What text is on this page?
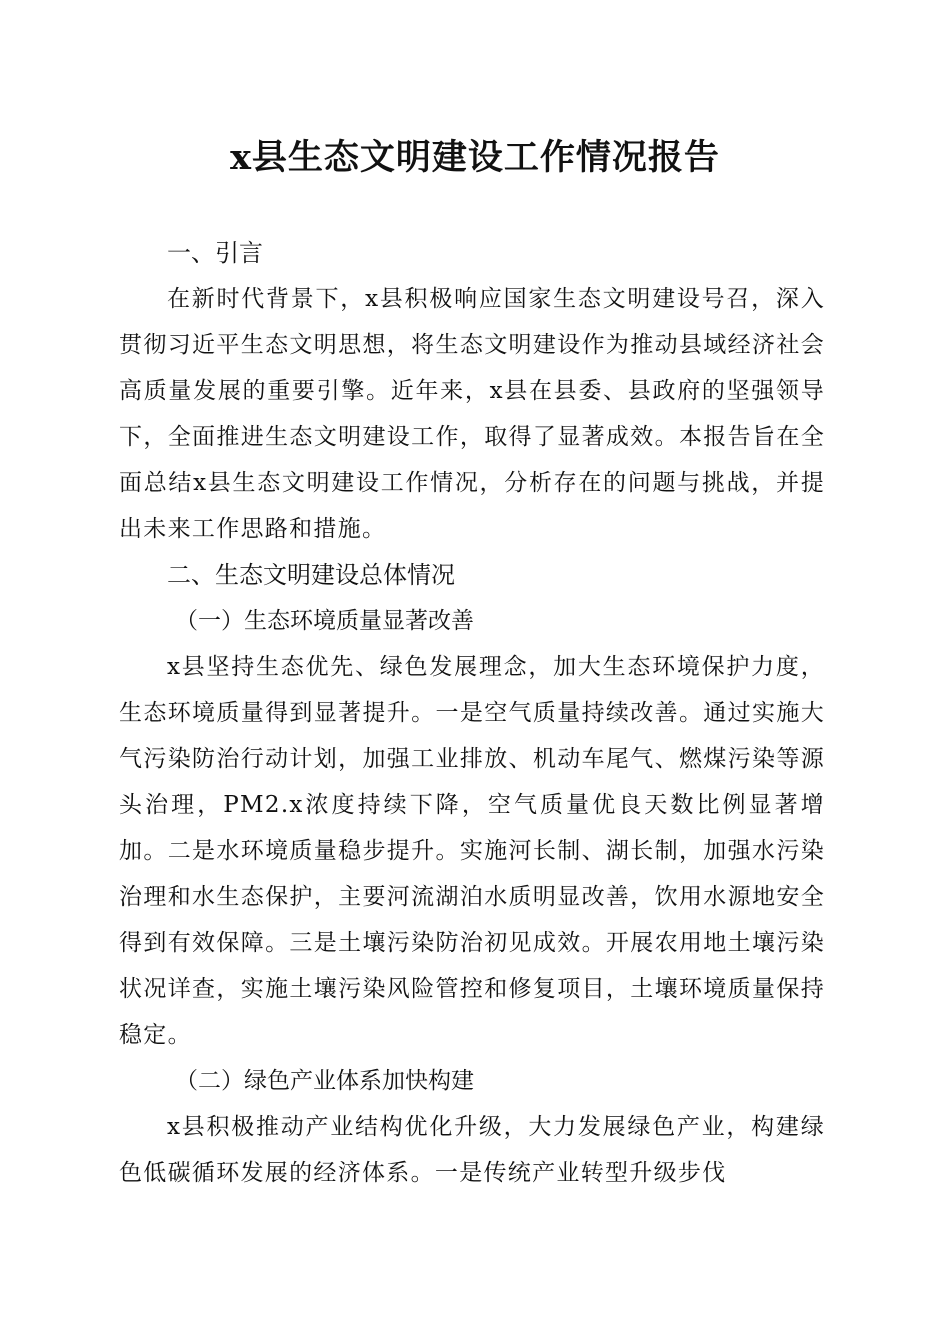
x县生态文明建设工作情况报告
一、引言

在新时代背景下，x县积极响应国家生态文明建设号召，深入贯彻习近平生态文明思想，将生态文明建设作为推动县域经济社会高质量发展的重要引擎。近年来，x县在县委、县政府的坚强领导下，全面推进生态文明建设工作，取得了显著成效。本报告旨在全面总结x县生态文明建设工作情况，分析存在的问题与挑战，并提出未来工作思路和措施。

二、生态文明建设总体情况
（一）生态环境质量显著改善

x县坚持生态优先、绿色发展理念，加大生态环境保护力度，生态环境质量得到显著提升。一是空气质量持续改善。通过实施大气污染防治行动计划，加强工业排放、机动车尾气、燃煤污染等源头治理，PM2.x浓度持续下降，空气质量优良天数比例显著增加。二是水环境质量稳步提升。实施河长制、湖长制，加强水污染治理和水生态保护，主要河流湖泊水质明显改善，饮用水源地安全得到有效保障。三是土壤污染防治初见成效。开展农用地土壤污染状况详查，实施土壤污染风险管控和修复项目，土壤环境质量保持稳定。

（二）绿色产业体系加快构建

x县积极推动产业结构优化升级，大力发展绿色产业，构建绿色低碳循环发展的经济体系。一是传统产业转型升级步伐
